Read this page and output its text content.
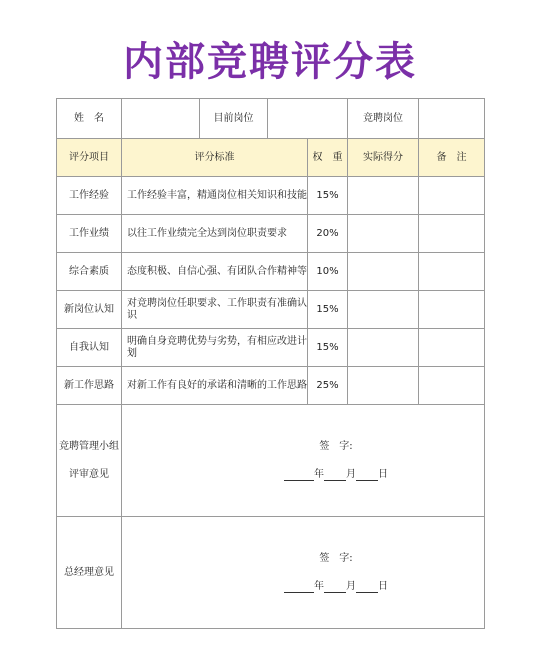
内部竞聘评分表
姓　名		目前岗位			竞聘岗位	
评分项目	评分标准			权　重	实际得分	备　注
工作经验	工作经验丰富，精通岗位相关知识和技能			15%		
工作业绩	以往工作业绩完全达到岗位职责要求			20%		
综合素质	态度积极、自信心强、有团队合作精神等			10%		
新岗位认知	对竞聘岗位任职要求、工作职责有准确认识			15%		
自我认知	明确自身竞聘优势与劣势，有相应改进计划			15%		
新工作思路	对新工作有良好的承诺和清晰的工作思路			25%		

竞聘管理小组
评审意见	签　字:
年 月 日					

总经理意见	签　字:
年 月 日					
